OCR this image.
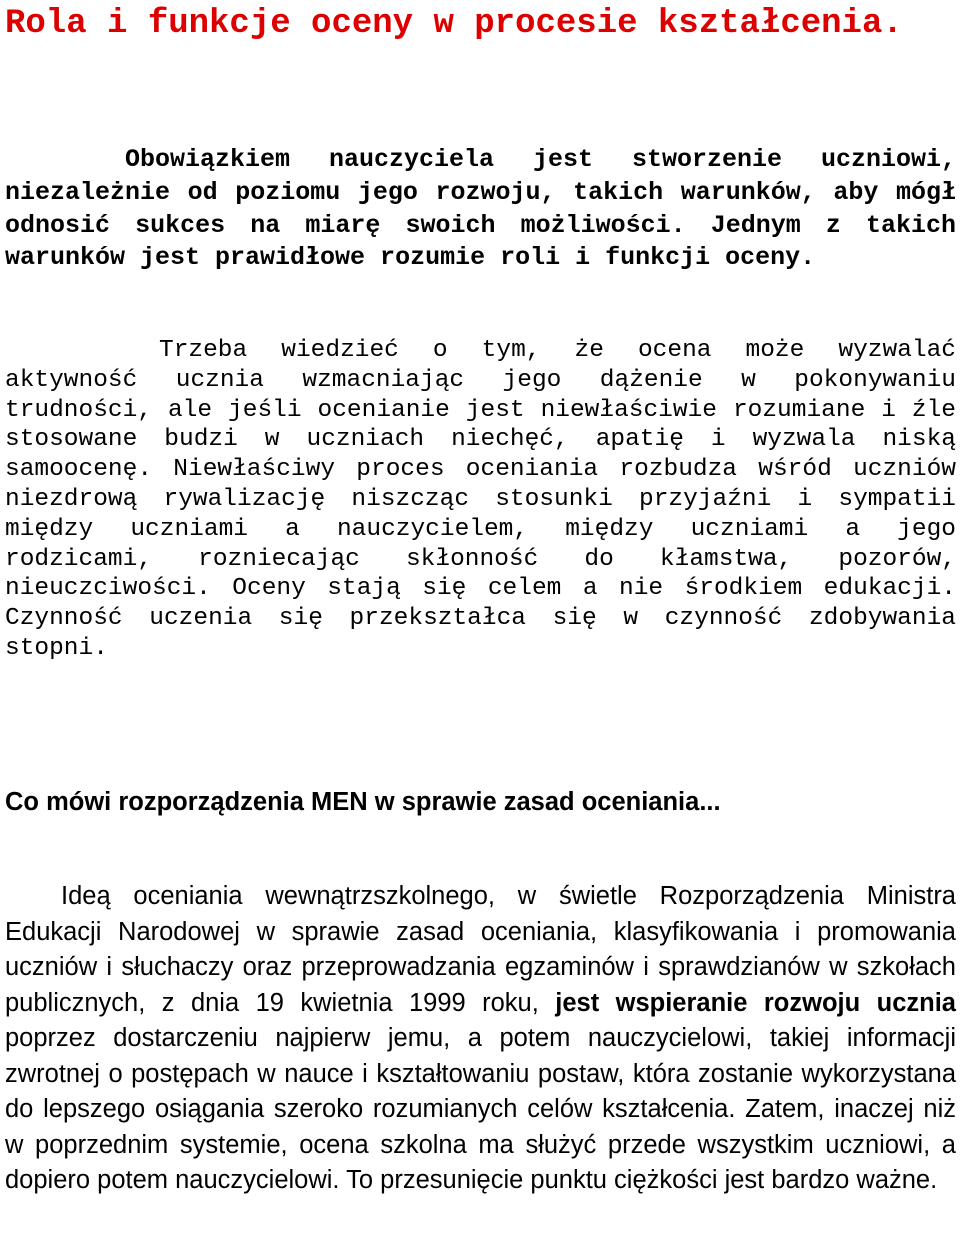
Rola i funkcje oceny w procesie kształcenia.

Obowiązkiem nauczyciela jest stworzenie uczniowi, niezależnie od poziomu jego rozwoju, takich warunków, aby mógł odnosić sukces na miarę swoich możliwości. Jednym z takich warunków jest prawidłowe rozumie roli i funkcji oceny.

Trzeba wiedzieć o tym, że ocena może wyzwalać aktywność ucznia wzmacniając jego dążenie w pokonywaniu trudności, ale jeśli ocenianie jest niewłaściwie rozumiane i źle stosowane budzi w uczniach niechęć, apatię i wyzwala niską samoocenę. Niewłaściwy proces oceniania rozbudza wśród uczniów niezdrową rywalizację niszcząc stosunki przyjaźni i sympatii między uczniami a nauczycielem, między uczniami a jego rodzicami, rozniecając skłonność do kłamstwa, pozorów, nieuczciwości. Oceny stają się celem a nie środkiem edukacji. Czynność uczenia się przekształca się w czynność zdobywania stopni.

Co mówi rozporządzenia MEN w sprawie zasad oceniania...

Ideą oceniania wewnątrzszkolnego, w świetle Rozporządzenia Ministra Edukacji Narodowej w sprawie zasad oceniania, klasyfikowania i promowania uczniów i słuchaczy oraz przeprowadzania egzaminów i sprawdzianów w szkołach publicznych, z dnia 19 kwietnia 1999 roku, jest wspieranie rozwoju ucznia poprzez dostarczeniu najpierw jemu, a potem nauczycielowi, takiej informacji zwrotnej o postępach w nauce i kształtowaniu postaw, która zostanie wykorzystana do lepszego osiągania szeroko rozumianych celów kształcenia. Zatem, inaczej niż w poprzednim systemie, ocena szkolna ma służyć przede wszystkim uczniowi, a dopiero potem nauczycielowi. To przesunięcie punktu ciężkości jest bardzo ważne.
